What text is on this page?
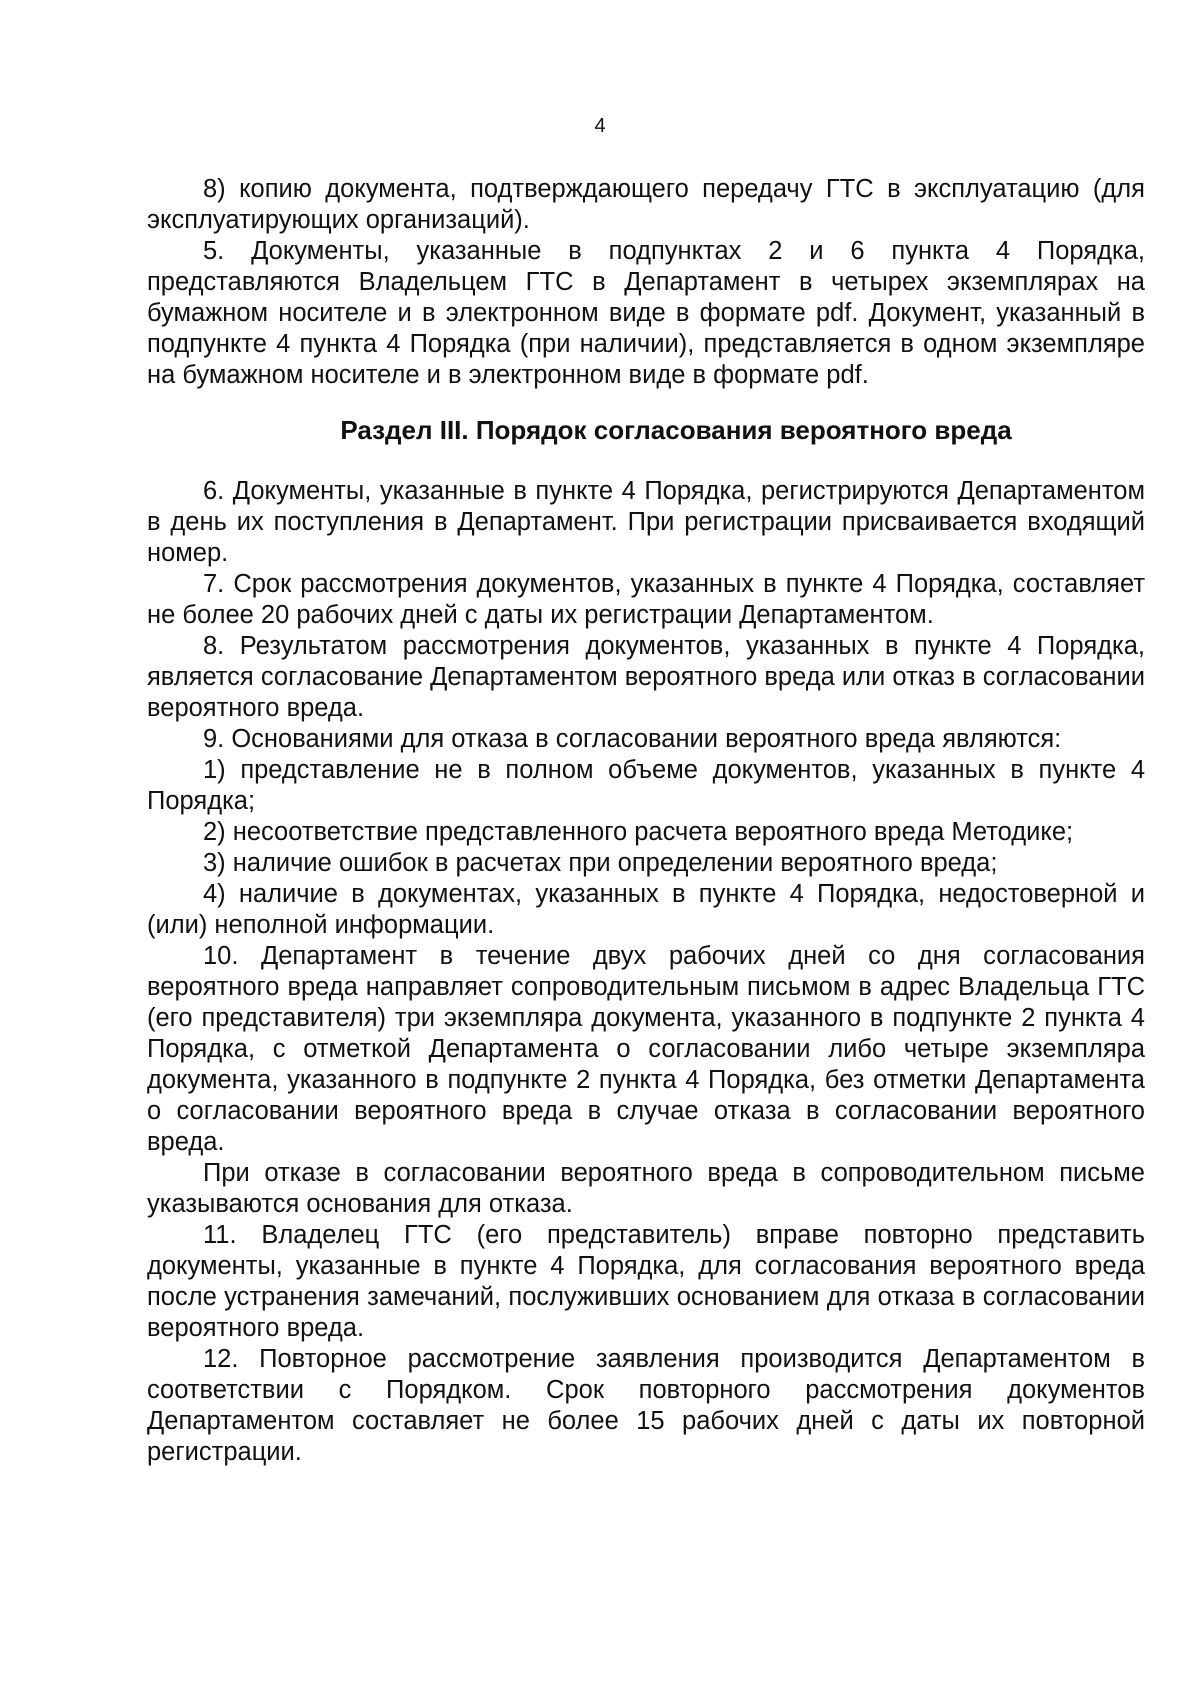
4

8) копию документа, подтверждающего передачу ГТС в эксплуатацию (для эксплуатирующих организаций).

5. Документы, указанные в подпунктах 2 и 6 пункта 4 Порядка, представляются Владельцем ГТС в Департамент в четырех экземплярах на бумажном носителе и в электронном виде в формате pdf. Документ, указанный в подпункте 4 пункта 4 Порядка (при наличии), представляется в одном экземпляре на бумажном носителе и в электронном виде в формате pdf.

Раздел III. Порядок согласования вероятного вреда

6. Документы, указанные в пункте 4 Порядка, регистрируются Департаментом в день их поступления в Департамент. При регистрации присваивается входящий номер.

7. Срок рассмотрения документов, указанных в пункте 4 Порядка, составляет не более 20 рабочих дней с даты их регистрации Департаментом.

8. Результатом рассмотрения документов, указанных в пункте 4 Порядка, является согласование Департаментом вероятного вреда или отказ в согласовании вероятного вреда.

9. Основаниями для отказа в согласовании вероятного вреда являются:

1) представление не в полном объеме документов, указанных в пункте 4 Порядка;

2) несоответствие представленного расчета вероятного вреда Методике;

3) наличие ошибок в расчетах при определении вероятного вреда;

4) наличие в документах, указанных в пункте 4 Порядка, недостоверной и (или) неполной информации.

10. Департамент в течение двух рабочих дней со дня согласования вероятного вреда направляет сопроводительным письмом в адрес Владельца ГТС (его представителя) три экземпляра документа, указанного в подпункте 2 пункта 4 Порядка, с отметкой Департамента о согласовании либо четыре экземпляра документа, указанного в подпункте 2 пункта 4 Порядка, без отметки Департамента о согласовании вероятного вреда в случае отказа в согласовании вероятного вреда.

При отказе в согласовании вероятного вреда в сопроводительном письме указываются основания для отказа.

11. Владелец ГТС (его представитель) вправе повторно представить документы, указанные в пункте 4 Порядка, для согласования вероятного вреда после устранения замечаний, послуживших основанием для отказа в согласовании вероятного вреда.

12. Повторное рассмотрение заявления производится Департаментом в соответствии с Порядком. Срок повторного рассмотрения документов Департаментом составляет не более 15 рабочих дней с даты их повторной регистрации.
